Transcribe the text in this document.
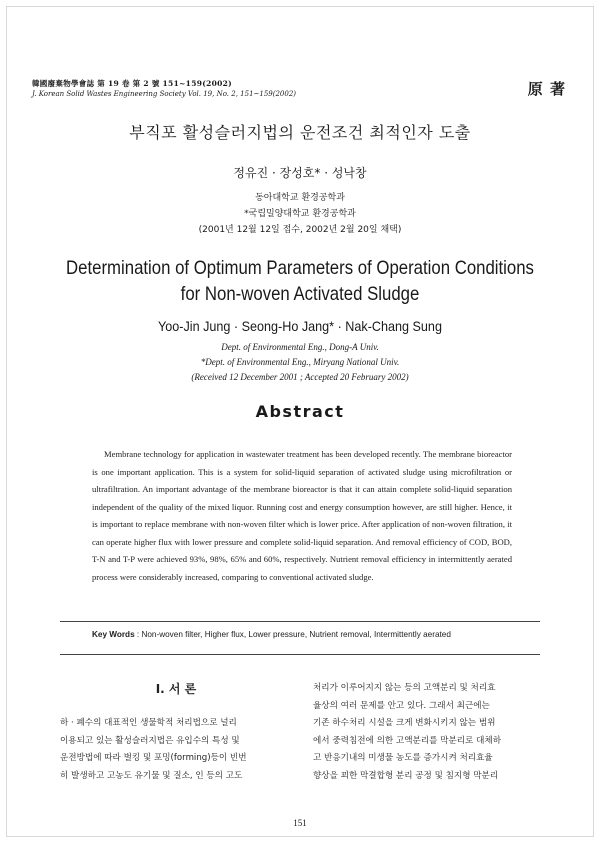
韓國廢棄物學會誌 第 19 卷 第 2 號 151~159(2002)
J. Korean Solid Wastes Engineering Society Vol. 19, No. 2, 151~159(2002)	原 著
부직포 활성슬러지법의 운전조건 최적인자 도출
정유진 · 장성호* · 성낙창
동아대학교 환경공학과
*국립밀양대학교 환경공학과
(2001년 12월 12일 접수, 2002년 2월 20일 채택)
Determination of Optimum Parameters of Operation Conditions
for Non-woven Activated Sludge
Yoo-Jin Jung · Seong-Ho Jang* · Nak-Chang Sung
Dept. of Environmental Eng., Dong-A Univ.
*Dept. of Environmental Eng., Miryang National Univ.
(Received 12 December 2001 ; Accepted 20 February 2002)
Abstract
Membrane technology for application in wastewater treatment has been developed recently. The membrane bioreactor is one important application. This is a system for solid-liquid separation of activated sludge using microfiltration or ultrafiltration. An important advantage of the membrane bioreactor is that it can attain complete solid-liquid separation independent of the quality of the mixed liquor. Running cost and energy consumption however, are still higher. Hence, it is important to replace membrane with non-woven filter which is lower price. After application of non-woven filtration, it can operate higher flux with lower pressure and complete solid-liquid separation. And removal efficiency of COD, BOD, T-N and T-P were achieved 93%, 98%, 65% and 60%, respectively. Nutrient removal efficiency in intermittently aerated process were considerably increased, comparing to conventional activated sludge.
Key Words : Non-woven filter, Higher flux, Lower pressure, Nutrient removal, Intermittently aerated
Ⅰ. 서 론
하 · 폐수의 대표적인 생물학적 처리법으로 널리
이용되고 있는 활성슬러지법은 유입수의 특성 및
운전방법에 따라 벌킹 및 포밍(forming)등이 빈번
히 발생하고 고농도 유기물 및 질소, 인 등의 고도
처리가 이루어지지 않는 등의 고액분리 및 처리효
율상의 여러 문제를 안고 있다. 그래서 최근에는
기존 하수처리 시설을 크게 변화시키지 않는 범위
에서 중력침전에 의한 고액분리를 막분리로 대체하
고 반응기내의 미생물 농도를 증가시켜 처리효율
향상을 꾀한 막결합형 분리 공정 및 침지형 막분리
151
